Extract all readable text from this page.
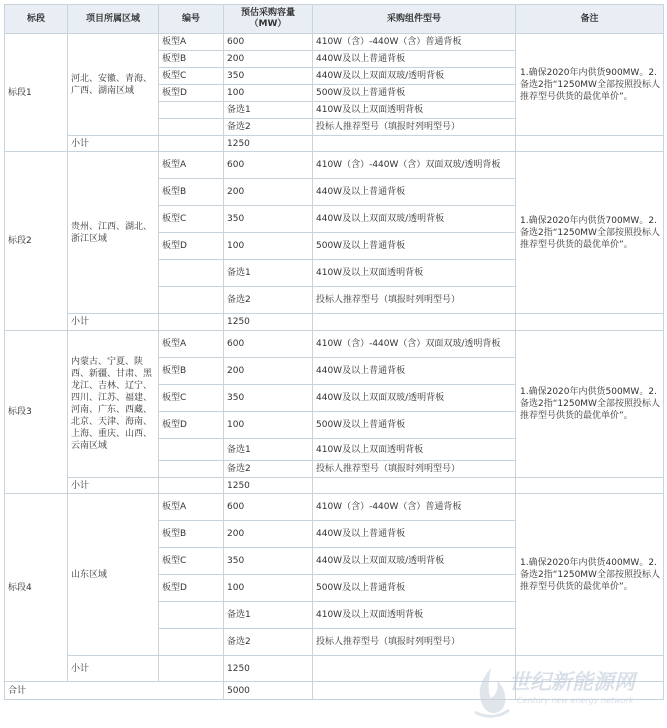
标段	项目所属区域	编号	预估采购容量（MW）	采购组件型号	备注
标段1	河北、安徽、青海、广西、湖南区域	板型A	600	410W（含）-440W（含）普通背板	1.确保2020年内供货900MW。2.备选2指“1250MW全部按照投标人推荐型号供货的最优单价”。
		板型B	200	440W及以上普通背板	
		板型C	350	440W及以上双面双玻/透明背板	
		板型D	100	500W及以上普通背板	
			备选1	410W及以上双面透明背板	
			备选2	投标人推荐型号（填报时列明型号）	
	小计		1250		
标段2	贵州、江西、湖北、浙江区域	板型A	600	410W（含）-440W（含）双面双玻/透明背板	1.确保2020年内供货700MW。2.备选2指“1250MW全部按照投标人推荐型号供货的最优单价”。
		板型B	200	440W及以上普通背板	
		板型C	350	440W及以上双面双玻/透明背板	
		板型D	100	500W及以上普通背板	
			备选1	410W及以上双面透明背板	
			备选2	投标人推荐型号（填报时列明型号）	
	小计		1250		
标段3	内蒙古、宁夏、陕西、新疆、甘肃、黑龙江、吉林、辽宁、四川、江苏、福建、河南、广东、西藏、北京、天津、海南、上海、重庆、山西、云南区域	板型A	600	410W（含）-440W（含）双面双玻/透明背板	1.确保2020年内供货500MW。2.备选2指“1250MW全部按照投标人推荐型号供货的最优单价”。
		板型B	200	440W及以上普通背板	
		板型C	350	440W及以上双面双玻/透明背板	
		板型D	100	500W及以上普通背板	
			备选1	410W及以上双面透明背板	
			备选2	投标人推荐型号（填报时列明型号）	
	小计		1250		
标段4	山东区域	板型A	600	410W（含）-440W（含）普通背板	1.确保2020年内供货400MW。2.备选2指“1250MW全部按照投标人推荐型号供货的最优单价”。
		板型B	200	440W及以上普通背板	
		板型C	350	440W及以上双面双玻/透明背板	
		板型D	100	500W及以上普通背板	
			备选1	410W及以上双面透明背板	
			备选2	投标人推荐型号（填报时列明型号）	
	小计		1250		
合计			5000			世纪新能源网
Century new energy network
